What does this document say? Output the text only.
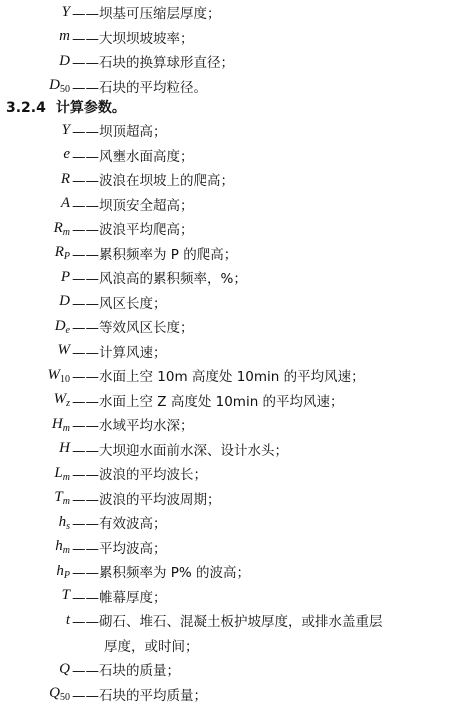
Y ——坝基可压缩层厚度；
m ——大坝坝坡坡率；
D ——石块的换算球形直径；
$D_{50}$ ——石块的平均粒径。
3.2.4 计算参数。
Y ——坝顶超高；
e ——风壅水面高度；
R ——波浪在坝坡上的爬高；
A ——坝顶安全超高；
$R_m$ ——波浪平均爬高；
$R_P$ ——累积频率为 P 的爬高；
P ——风浪高的累积频率，%；
D ——风区长度；
$D_e$ ——等效风区长度；
W ——计算风速；
$W_{10}$ ——水面上空 10m 高度处 10min 的平均风速；
$W_z$ ——水面上空 Z 高度处 10min 的平均风速；
$H_m$ ——水域平均水深；
H ——大坝迎水面前水深、设计水头；
$L_m$ ——波浪的平均波长；
$T_m$ ——波浪的平均波周期；
$h_s$ ——有效波高；
$h_m$ ——平均波高；
$h_P$ ——累积频率为 P% 的波高；
T ——帷幕厚度；
t ——砌石、堆石、混凝土板护坡厚度，或排水盖重层
厚度，或时间；
Q ——石块的质量；
$Q_{50}$ ——石块的平均质量；
